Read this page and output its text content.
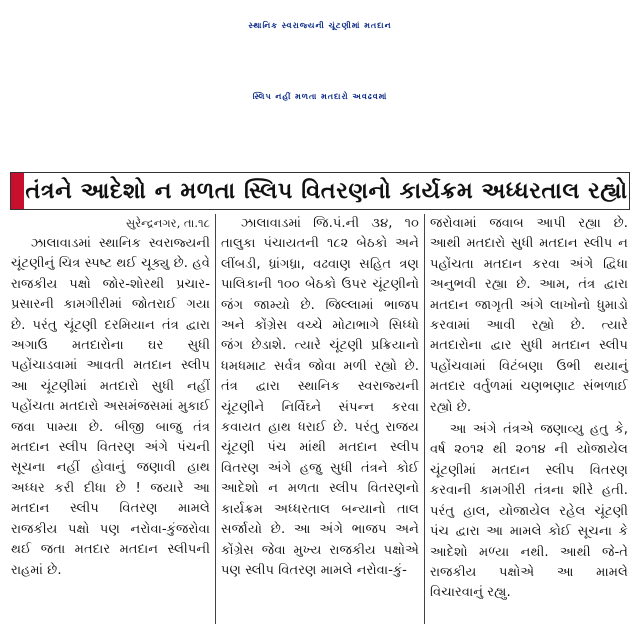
સ્થાનિક સ્વરાજ્યની ચૂંટણીમાં મતદાન
સ્લિપ નહીં મળતા મતદારો અવઢવમાં
તંત્રને આદેશો ન મળતા સ્લિપ વિતરણનો કાર્યક્રમ અધ્ધરતાલ રહ્યો
સુરેન્દ્રનગર, તા.૧૮

ઝાલાવાડમાં સ્થાનિક સ્વરાજ્યની ચૂંટણીનું ચિત્ર સ્પષ્ટ થઈ ચૂક્યુ છે. હવે રાજકીય પક્ષો જોર-શોરથી પ્રચાર-પ્રસારની કામગીરીમાં જોતરાઈ ગયા છે. પરંતુ ચૂંટણી દરમિયાન તંત્ર દ્વારા અગાઉ મતદારોના ઘર સુધી પહોંચાડવામાં આવતી મતદાન સ્લીપ આ ચૂંટણીમાં મતદારો સુધી નહીં પહોંચતા મતદારો અસમંજસમાં મુકાઈ જવા પામ્યા છે. બીજી બાજુ તંત્ર મતદાન સ્લીપ વિતરણ અંગે પંચની સૂચના નહીં હોવાનું જણાવી હાથ અધ્ધર કરી દીધા છે ! જયારે આ મતદાન સ્લીપ વિતરણ મામલે રાજકીય પક્ષો પણ નરોવા-કુંજરોવા થઈ જતા મતદાર મતદાન સ્લીપની રાહમાં છે.

ઝાલાવાડમાં જિ.પં.ની ૩૪, ૧૦ તાલુકા પંચાયતની ૧૮૨ બેઠકો અને લીંબડી, ધ્રાંગધ્રા, વઢવાણ સહિત ત્રણ પાલિકાની ૧૦૦ બેઠકો ઉપર ચૂંટણીનો જંગ જામ્યો છે. જિલ્લામાં ભાજપ અને કોંગ્રેસ વચ્ચે મોટાભાગે સિધ્ધો જંગ છેડાશે. ત્યારે ચૂંટણી પ્રક્રિયાનો ધમધમાટ સર્વત્ર જોવા મળી રહ્યો છે. તંત્ર દ્વારા સ્થાનિક સ્વરાજ્યની ચૂંટણીને નિર્વિઘ્ને સંપન્ન કરવા કવાયત હાથ ધરાઈ છે. પરંતુ રાજય ચૂંટણી પંચ માંથી મતદાન સ્લીપ વિતરણ અંગે હજુ સુધી તંત્રને કોઈ આદેશો ન મળતા સ્લીપ વિતરણનો કાર્યક્રમ અધ્ધરતાલ બન્યાનો તાલ સર્જાયો છે. આ અંગે ભાજપ અને કોંગ્રેસ જેવા મુખ્ય રાજકીય પક્ષોએ પણ સ્લીપ વિતરણ મામલે નરોવા-કું-

જરોવામાં જવાબ આપી રહ્યા છે. આથી મતદારો સુધી મતદાન સ્લીપ ન પહોંચતા મતદાન કરવા અંગે દ્વિધા અનુભવી રહ્યા છે. આમ, તંત્ર દ્વારા મતદાન જાગૃતી અંગે લાખોનો ધુમાડો કરવામાં આવી રહ્યો છે. ત્યારે મતદારોના દ્વાર સુધી મતદાન સ્લીપ પહોંચવામાં વિટંબણા ઉભી થયાનું મતદાર વર્તુળમાં ચણભણાટ સંભળાઈ રહ્યો છે.

આ અંગે તંત્રએ જણાવ્યુ હતુ કે, વર્ષ ૨૦૧૨ થી ૨૦૧૪ ની યોજાયેલ ચૂંટણીમાં મતદાન સ્લીપ વિતરણ કરવાની કામગીરી તંત્રના શીરે હતી. પરંતુ હાલ, યોજાયેલ રહેલ ચૂંટણી પંચ દ્વારા આ મામલે કોઈ સૂચના કે આદેશો મળ્યા નથી. આથી જે-તે રાજકીય પક્ષોએ આ મામલે વિચારવાનું રહ્યુ.
